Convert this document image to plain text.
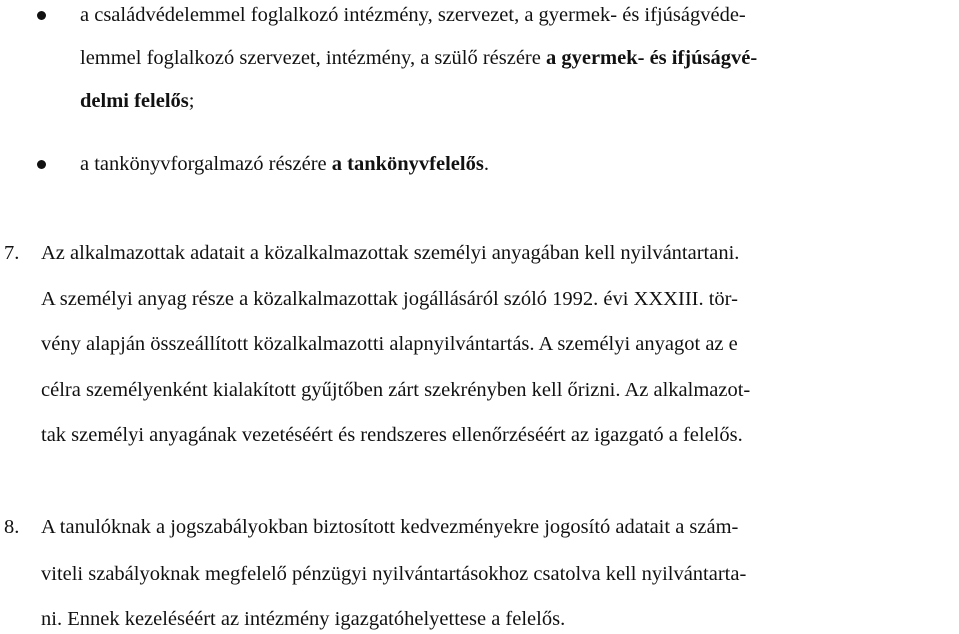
a családvédelemmel foglalkozó intézmény, szervezet, a gyermek- és ifjúságvéde-
lemmel foglalkozó szervezet, intézmény, a szülő részére a gyermek- és ifjúságvé-
delmi felelős;
a tankönyvforgalmazó részére a tankönyvfelelős.
7. Az alkalmazottak adatait a közalkalmazottak személyi anyagában kell nyilvántartani.
A személyi anyag része a közalkalmazottak jogállásáról szóló 1992. évi XXXIII. tör-
vény alapján összeállított közalkalmazotti alapnyilvántartás. A személyi anyagot az e
célra személyenként kialakított gyűjtőben zárt szekrényben kell őrizni. Az alkalmazot-
tak személyi anyagának vezetéséért és rendszeres ellenőrzéséért az igazgató a felelős.
8. A tanulóknak a jogszabályokban biztosított kedvezményekre jogosító adatait a szám-
viteli szabályoknak megfelelő pénzügyi nyilvántartásokhoz csatolva kell nyilvántarta-
ni. Ennek kezeléséért az intézmény igazgatóhelyettese a felelős.
